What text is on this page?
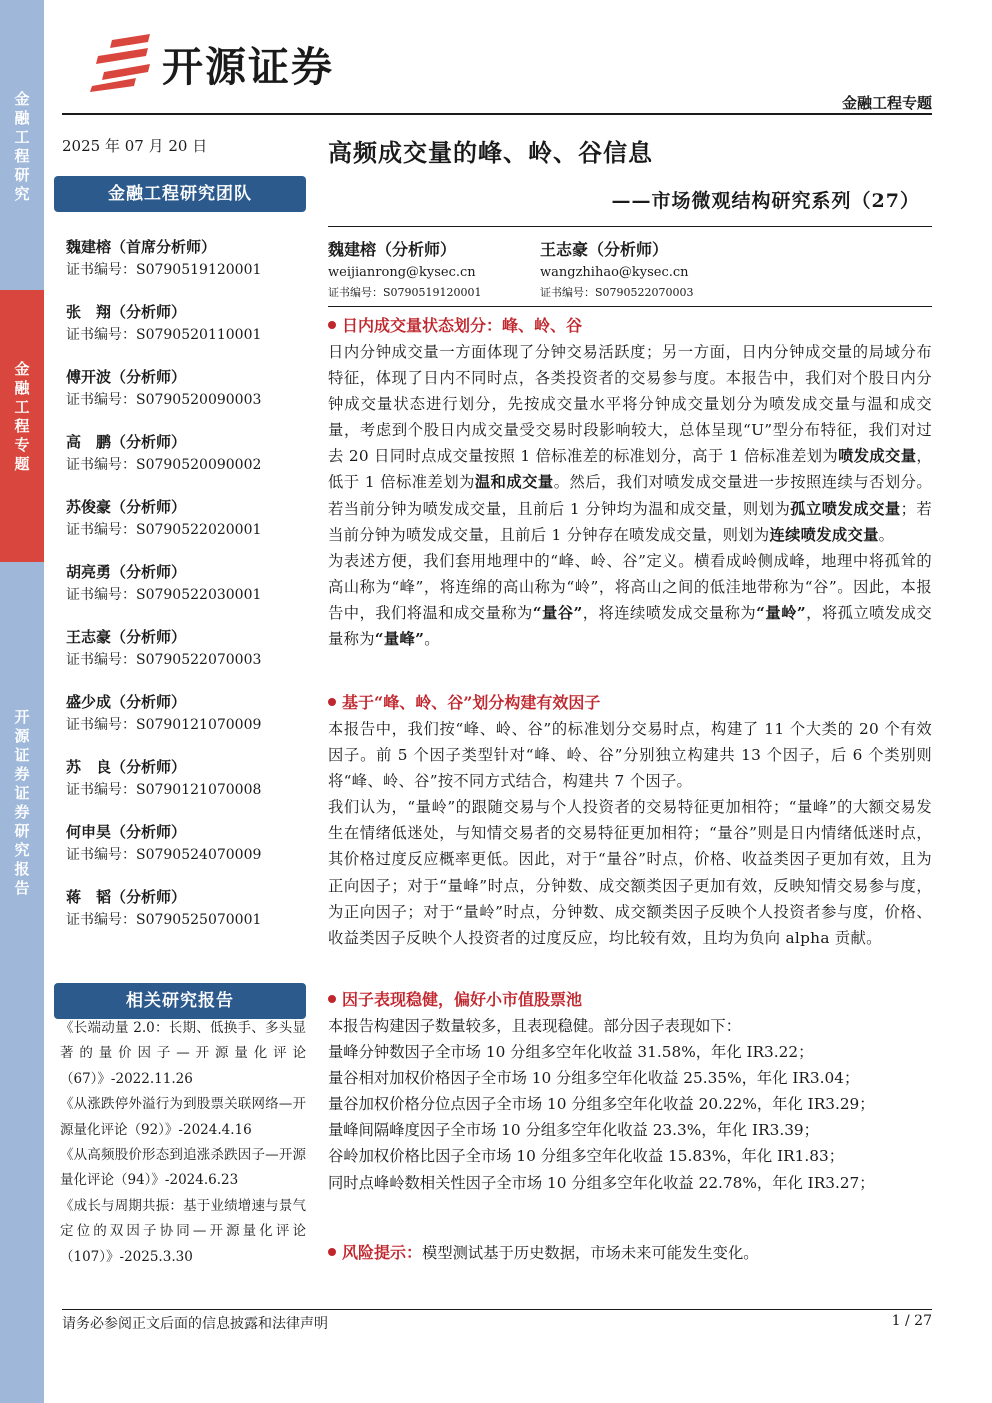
金融工程研究
金融工程专题
开源证券 证券研究报告
开源证券
金融工程专题
2025 年 07 月 20 日
金融工程研究团队
魏建榕（首席分析师）
证书编号：S0790519120001
张　翔（分析师）
证书编号：S0790520110001
傅开波（分析师）
证书编号：S0790520090003
高　鹏（分析师）
证书编号：S0790520090002
苏俊豪（分析师）
证书编号：S0790522020001
胡亮勇（分析师）
证书编号：S0790522030001
王志豪（分析师）
证书编号：S0790522070003
盛少成（分析师）
证书编号：S0790121070009
苏　良（分析师）
证书编号：S0790121070008
何申昊（分析师）
证书编号：S0790524070009
蒋　韬（分析师）
证书编号：S0790525070001
相关研究报告

《长端动量 2.0：长期、低换手、多头显著的量价因子—开源量化评论（67）》-2022.11.26

《从涨跌停外溢行为到股票关联网络—开源量化评论（92）》-2024.4.16

《从高频股价形态到追涨杀跌因子—开源量化评论（94）》-2024.6.23

《成长与周期共振：基于业绩增速与景气定位的双因子协同—开源量化评论（107）》-2025.3.30

高频成交量的峰、岭、谷信息
——市场微观结构研究系列（27）
魏建榕（分析师）
weijianrong@kysec.cn
证书编号：S0790519120001
王志豪（分析师）
wangzhihao@kysec.cn
证书编号：S0790522070003
日内成交量状态划分：峰、岭、谷
日内分钟成交量一方面体现了分钟交易活跃度；另一方面，日内分钟成交量的局域分布特征，体现了日内不同时点，各类投资者的交易参与度。本报告中，我们对个股日内分钟成交量状态进行划分，先按成交量水平将分钟成交量划分为喷发成交量与温和成交量，考虑到个股日内成交量受交易时段影响较大，总体呈现“U”型分布特征，我们对过去 20 日同时点成交量按照 1 倍标准差的标准划分，高于 1 倍标准差划为喷发成交量，低于 1 倍标准差划为温和成交量。然后，我们对喷发成交量进一步按照连续与否划分。若当前分钟为喷发成交量，且前后 1 分钟均为温和成交量，则划为孤立喷发成交量；若当前分钟为喷发成交量，且前后 1 分钟存在喷发成交量，则划为连续喷发成交量。
为表述方便，我们套用地理中的“峰、岭、谷”定义。横看成岭侧成峰，地理中将孤耸的高山称为“峰”，将连绵的高山称为“岭”，将高山之间的低洼地带称为“谷”。因此，本报告中，我们将温和成交量称为“量谷”，将连续喷发成交量称为“量岭”，将孤立喷发成交量称为“量峰”。
基于“峰、岭、谷”划分构建有效因子
本报告中，我们按“峰、岭、谷”的标准划分交易时点，构建了 11 个大类的 20 个有效因子。前 5 个因子类型针对“峰、岭、谷”分别独立构建共 13 个因子，后 6 个类别则将“峰、岭、谷”按不同方式结合，构建共 7 个因子。
我们认为，“量岭”的跟随交易与个人投资者的交易特征更加相符；“量峰”的大额交易发生在情绪低迷处，与知情交易者的交易特征更加相符；“量谷”则是日内情绪低迷时点，其价格过度反应概率更低。因此，对于“量谷”时点，价格、收益类因子更加有效，且为正向因子；对于“量峰”时点，分钟数、成交额类因子更加有效，反映知情交易参与度，为正向因子；对于“量岭”时点，分钟数、成交额类因子反映个人投资者参与度，价格、收益类因子反映个人投资者的过度反应，均比较有效，且均为负向 alpha 贡献。
因子表现稳健，偏好小市值股票池
本报告构建因子数量较多，且表现稳健。部分因子表现如下：
量峰分钟数因子全市场 10 分组多空年化收益 31.58%，年化 IR3.22；
量谷相对加权价格因子全市场 10 分组多空年化收益 25.35%，年化 IR3.04；
量谷加权价格分位点因子全市场 10 分组多空年化收益 20.22%，年化 IR3.29；
量峰间隔峰度因子全市场 10 分组多空年化收益 23.3%，年化 IR3.39；
谷岭加权价格比因子全市场 10 分组多空年化收益 15.83%，年化 IR1.83；
同时点峰岭数相关性因子全市场 10 分组多空年化收益 22.78%，年化 IR3.27；
风险提示：模型测试基于历史数据，市场未来可能发生变化。
请务必参阅正文后面的信息披露和法律声明	1 / 27
